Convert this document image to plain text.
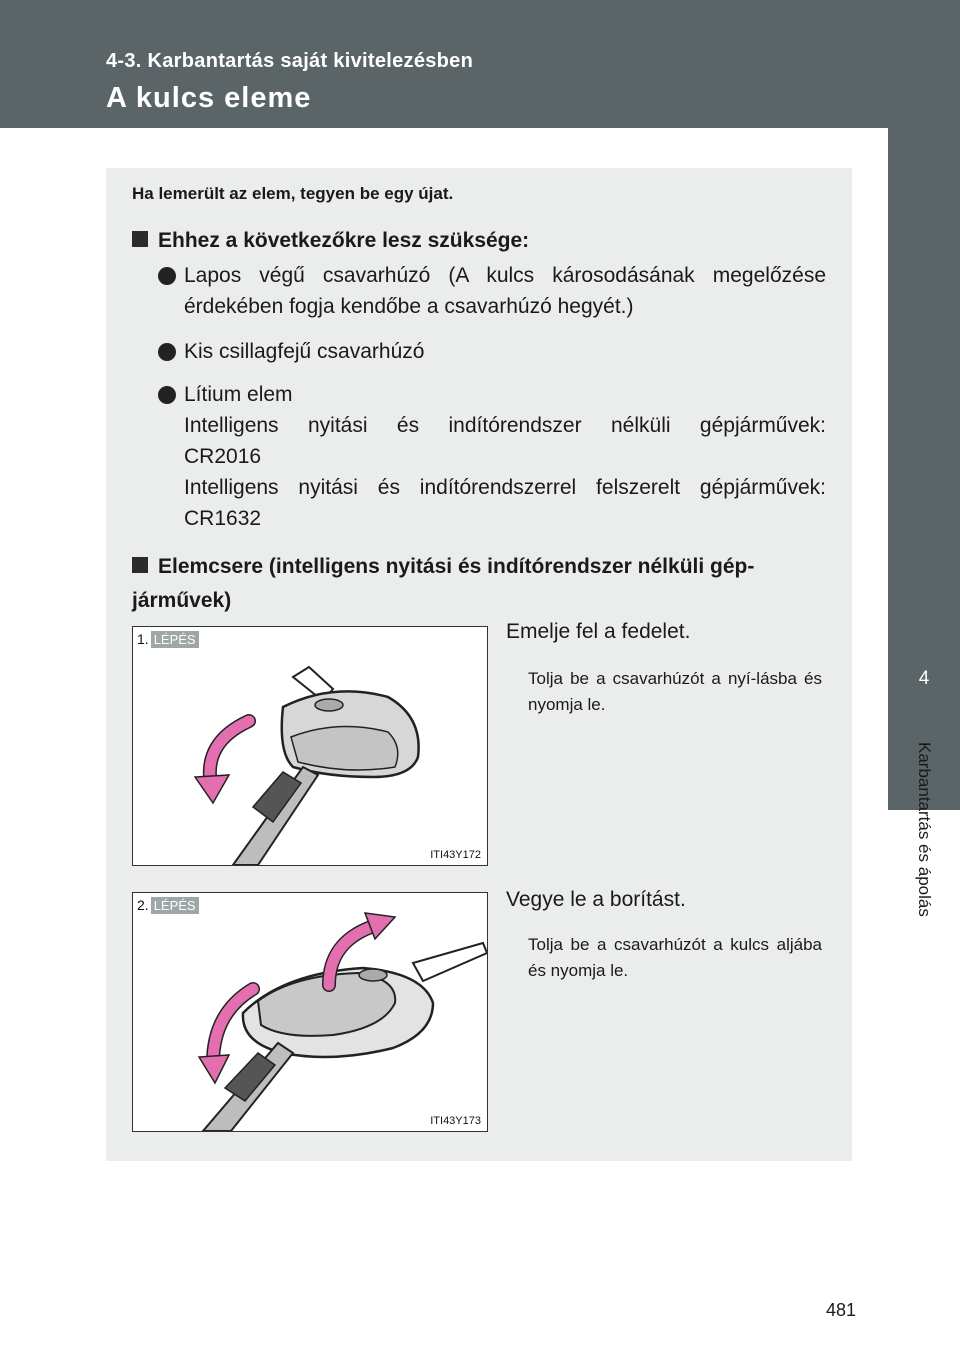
4-3. Karbantartás saját kivitelezésben
A kulcs eleme
4
Karbantartás és ápolás
Ha lemerült az elem, tegyen be egy újat.
Ehhez a következőkre lesz szüksége:
Lapos végű csavarhúzó (A kulcs károsodásának megelőzése érdekében fogja kendőbe a csavarhúzó hegyét.)
Kis csillagfejű csavarhúzó
Lítium elem
Intelligens nyitási és indítórendszer nélküli gépjárművek:
CR2016
Intelligens nyitási és indítórendszerrel felszerelt gépjárművek:
CR1632
Elemcsere (intelligens nyitási és indítórendszer nélküli gép-járművek)
1. LÉPÉS
ITI43Y172
Emelje fel a fedelet.
Tolja be a csavarhúzót a nyí-lásba és nyomja le.
2. LÉPÉS
ITI43Y173
Vegye le a borítást.
Tolja be a csavarhúzót a kulcs aljába és nyomja le.
481
